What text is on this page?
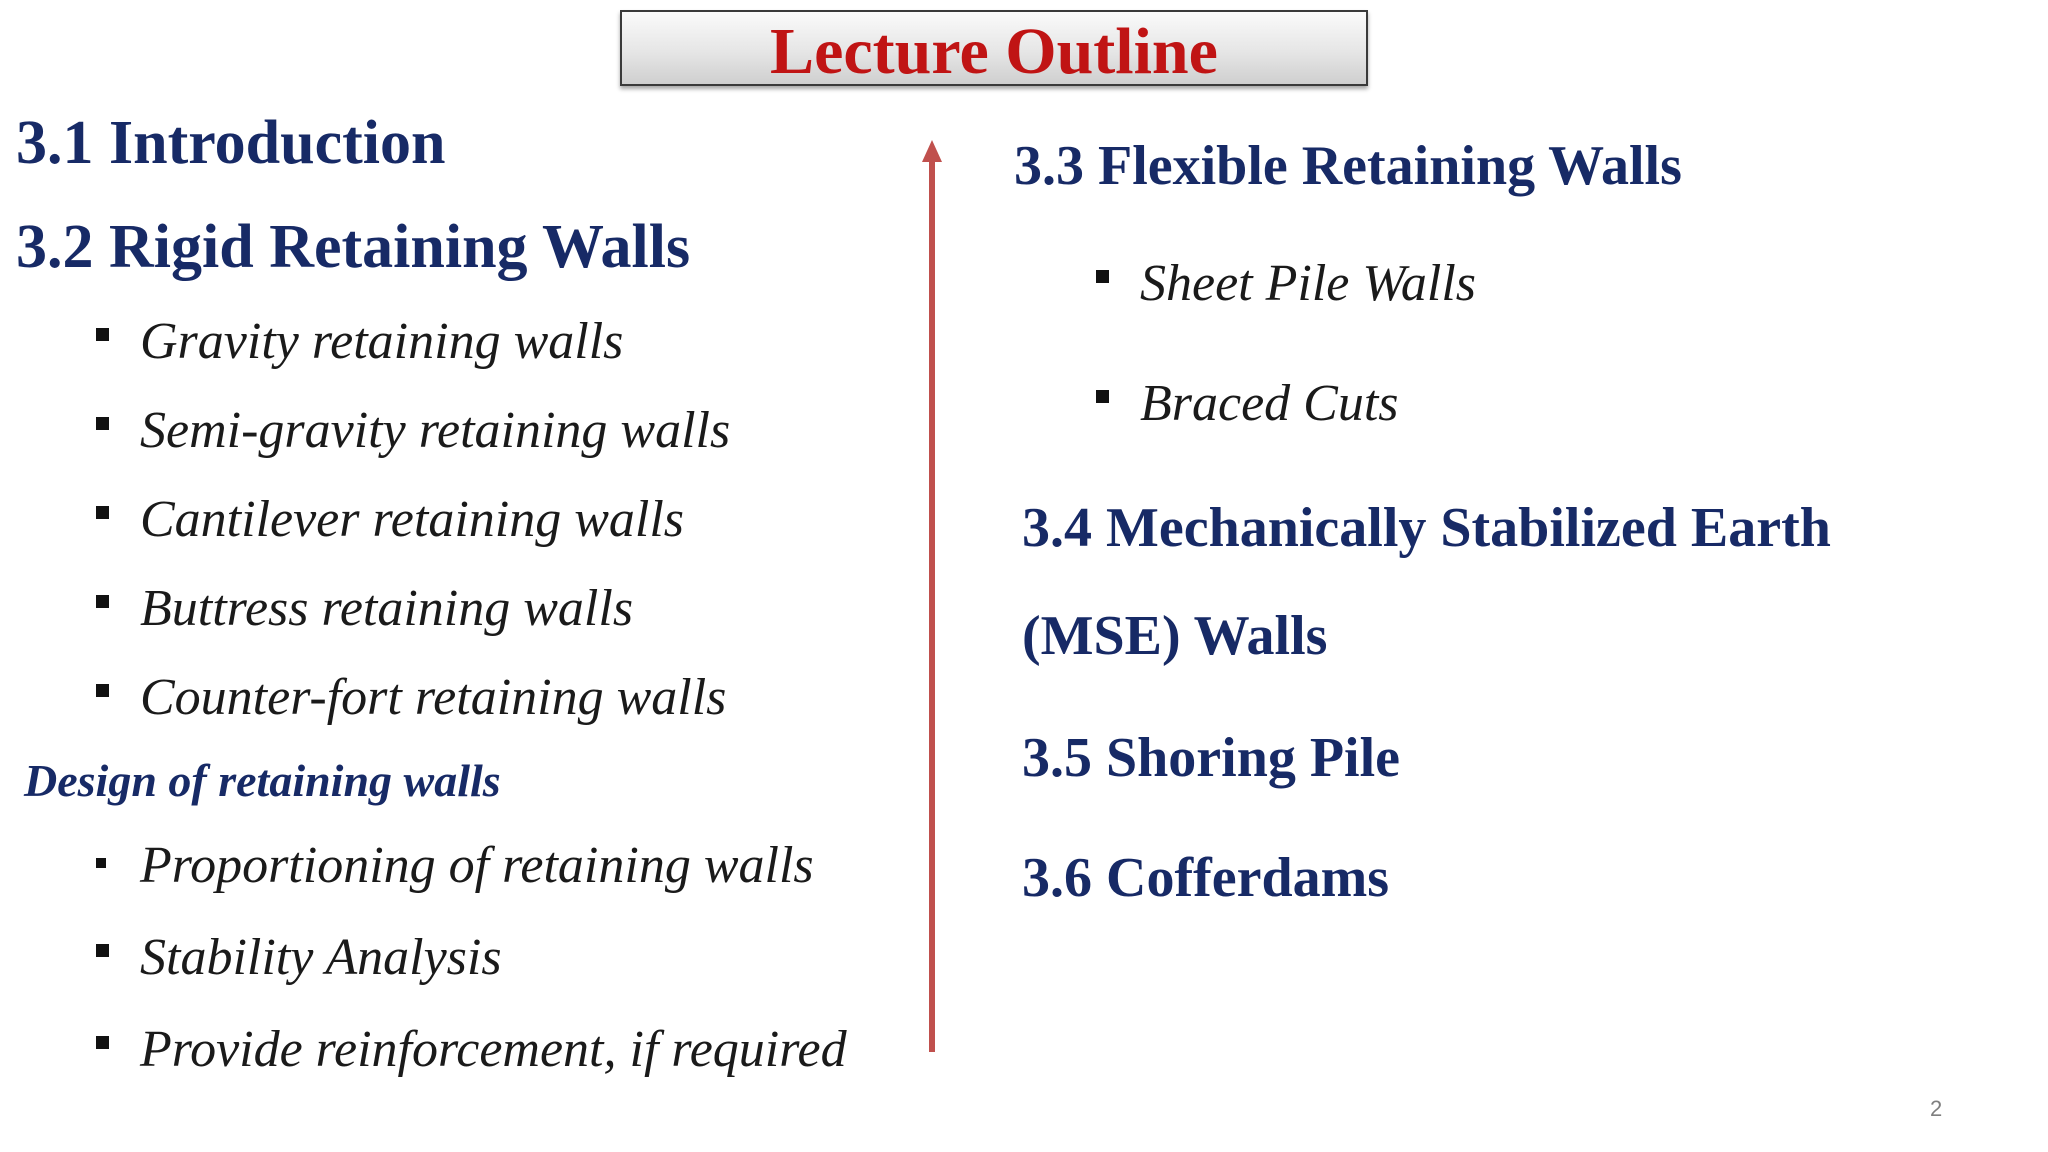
Lecture Outline
3.1 Introduction
3.2 Rigid Retaining Walls
Gravity retaining walls
Semi-gravity retaining walls
Cantilever retaining walls
Buttress retaining walls
Counter-fort retaining walls
Design of retaining walls
Proportioning of retaining walls
Stability Analysis
Provide reinforcement, if required
3.3 Flexible Retaining Walls
Sheet Pile Walls
Braced Cuts
3.4 Mechanically Stabilized Earth
(MSE) Walls
3.5 Shoring Pile
3.6 Cofferdams
2
